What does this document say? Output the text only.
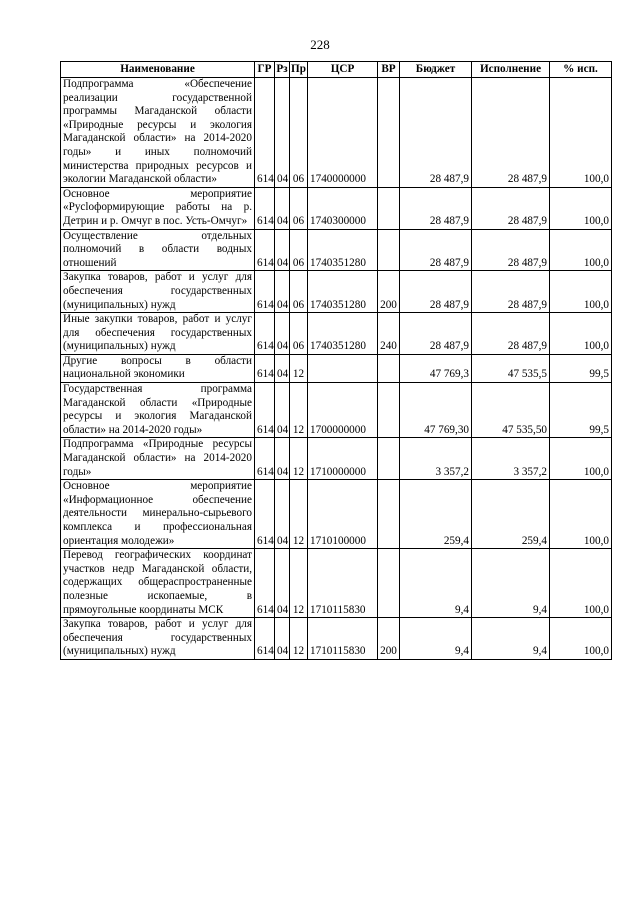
228
Наименование	ГР	Рз	Пр	ЦСР	ВР	Бюджет	Исполнение	% исп.
Подпрограмма «Обеспечение реализации государственной программы Магаданской области «Природные ресурсы и экология Магаданской области» на 2014-2020 годы» и иных полномочий министерства природных ресурсов и экологии Магаданской области»	614	04	06	1740000000		28 487,9	28 487,9	100,0
Основное мероприятие «Русloформирующие работы на р. Детрин и р. Омчуг в пос. Усть-Омчуг»	614	04	06	1740300000		28 487,9	28 487,9	100,0
Осуществление отдельных полномочий в области водных отношений	614	04	06	1740351280		28 487,9	28 487,9	100,0
Закупка товаров, работ и услуг для обеспечения государственных (муниципальных) нужд	614	04	06	1740351280	200	28 487,9	28 487,9	100,0
Иные закупки товаров, работ и услуг для обеспечения государственных (муниципальных) нужд	614	04	06	1740351280	240	28 487,9	28 487,9	100,0
Другие вопросы в области национальной экономики	614	04	12			47 769,3	47 535,5	99,5
Государственная программа Магаданской области «Природные ресурсы и экология Магаданской области» на 2014-2020 годы»	614	04	12	1700000000		47 769,30	47 535,50	99,5
Подпрограмма «Природные ресурсы Магаданской области» на 2014-2020 годы»	614	04	12	1710000000		3 357,2	3 357,2	100,0
Основное мероприятие «Информационное обеспечение деятельности минерально-сырьевого комплекса и профессиональная ориентация молодежи»	614	04	12	1710100000		259,4	259,4	100,0
Перевод географических координат участков недр Магаданской области, содержащих общераспространенные полезные ископаемые, в прямоугольные координаты МСК	614	04	12	1710115830		9,4	9,4	100,0
Закупка товаров, работ и услуг для обеспечения государственных (муниципальных) нужд	614	04	12	1710115830	200	9,4	9,4	100,0
